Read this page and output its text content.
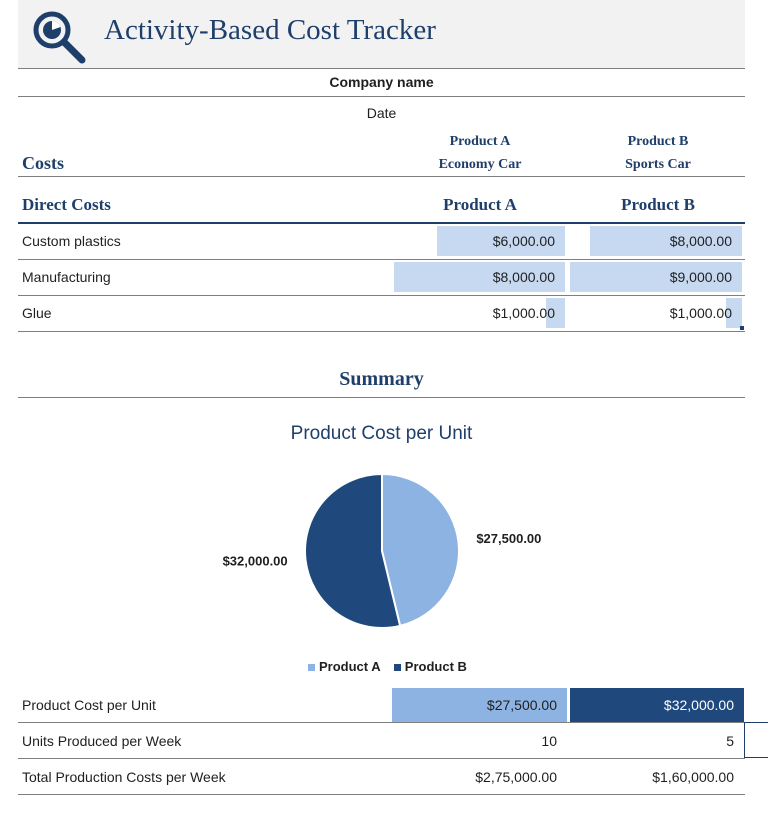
Activity-Based Cost Tracker
Company name
Date
Product A
Economy Car
Product B
Sports Car
Costs
Direct Costs	Product A	Product B
Custom plastics	$6,000.00	$8,000.00
Manufacturing	$8,000.00	$9,000.00
Glue	$1,000.00	$1,000.00
Summary
Product Cost per Unit
$27,500.00
$32,000.00
Product A Product B
Product Cost per Unit	$27,500.00	$32,000.00
Units Produced per Week	10	5
Total Production Costs per Week	$2,75,000.00	$1,60,000.00
